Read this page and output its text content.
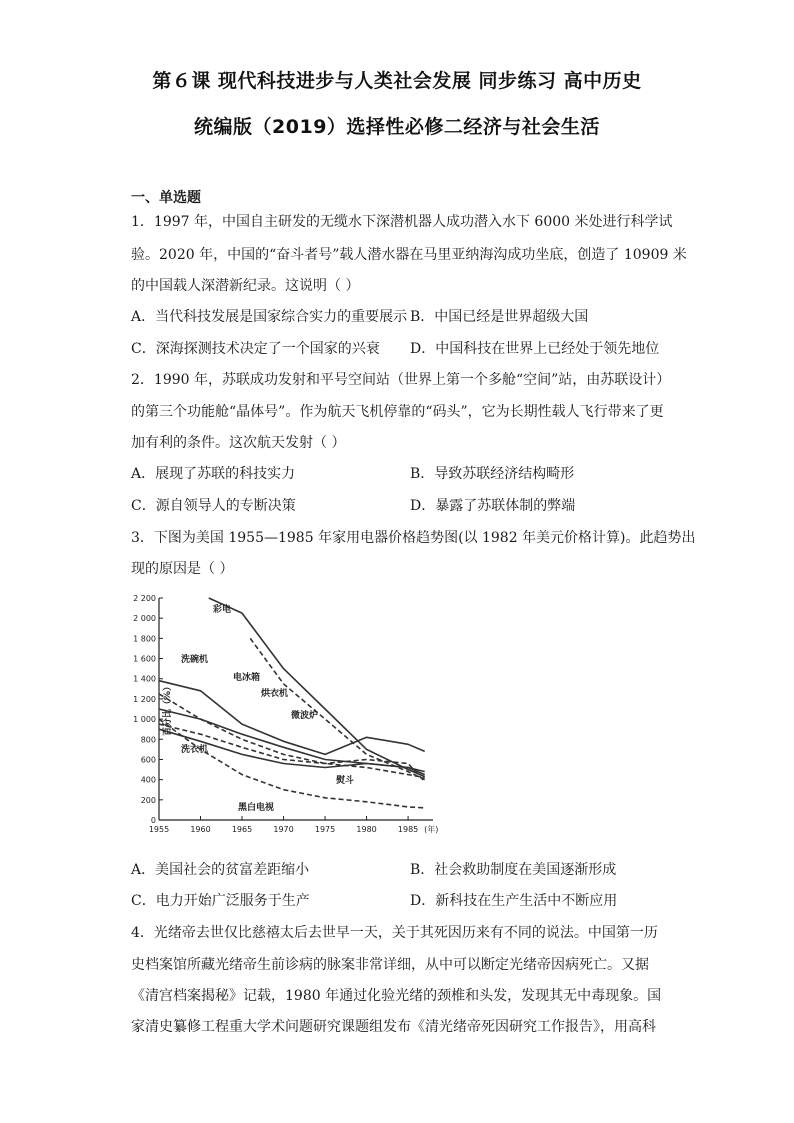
第６课 现代科技进步与人类社会发展 同步练习 高中历史
统编版（2019）选择性必修二经济与社会生活
一、单选题
1．1997 年，中国自主研发的无缆水下深潜机器人成功潜入水下 6000 米处进行科学试
验。2020 年，中国的“奋斗者号”载人潜水器在马里亚纳海沟成功坐底，创造了 10909 米
的中国载人深潜新纪录。这说明（ ）
A．当代科技发展是国家综合实力的重要展示 B．中国已经是世界超级大国
C．深海探测技术决定了一个国家的兴衰 D．中国科技在世界上已经处于领先地位
2．1990 年，苏联成功发射和平号空间站（世界上第一个多舱“空间”站，由苏联设计）
的第三个功能舱“晶体号”。作为航天飞机停靠的“码头”，它为长期性载人飞行带来了更
加有利的条件。这次航天发射（ ）
A．展现了苏联的科技实力	B．导致苏联经济结构畸形
C．源自领导人的专断决策	D．暴露了苏联体制的弊端
3．下图为美国 1955—1985 年家用电器价格趋势图(以 1982 年美元价格计算)。此趋势出
现的原因是（ ）
0
200
400
600
800
1 000
1 200
1 400
1 600
1 800
2 000
2 200
1955	1960	1965	1970	1975	1980	1985 (年)
百分比（%）
彩电
洗碗机
电冰箱
烘衣机
微波炉
洗衣机
熨斗
黑白电视
A．美国社会的贫富差距缩小	B．社会救助制度在美国逐渐形成
C．电力开始广泛服务于生产	D．新科技在生产生活中不断应用
4．光绪帝去世仅比慈禧太后去世早一天，关于其死因历来有不同的说法。中国第一历
史档案馆所藏光绪帝生前诊病的脉案非常详细，从中可以断定光绪帝因病死亡。又据
《清宫档案揭秘》记载，1980 年通过化验光绪的颈椎和头发，发现其无中毒现象。国
家清史纂修工程重大学术问题研究课题组发布《清光绪帝死因研究工作报告》，用高科
